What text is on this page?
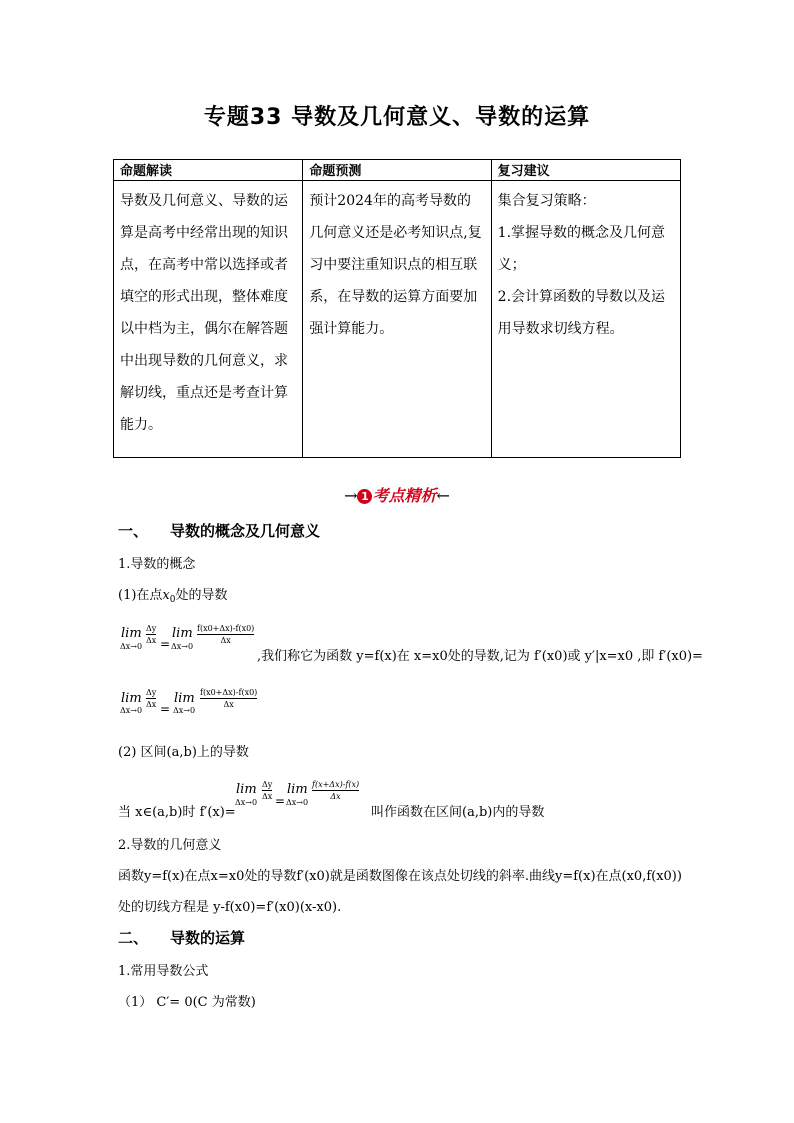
专题33 导数及几何意义、导数的运算
命题解读	命题预测	复习建议
导数及几何意义、导数的运算是高考中经常出现的知识点，在高考中常以选择或者填空的形式出现，整体难度以中档为主，偶尔在解答题中出现导数的几何意义，求解切线，重点还是考查计算能力。	预计2024年的高考导数的几何意义还是必考知识点,复习中要注重知识点的相互联系，在导数的运算方面要加强计算能力。	集合复习策略：
1.掌握导数的概念及几何意义；
2.会计算函数的导数以及运用导数求切线方程。
→ 1 考点精析←
一、 导数的概念及几何意义
1.导数的概念
(1)在点$x_0$处的导数
lim
Δx→0
Δy
Δx =
lim
Δx→0
f(x0+Δx)-f(x0)
Δx
,我们称它为函数 y=f(x)在 x=x0处的导数,记为 f′(x0)或 y′|x=x0 ,即 f′(x0)=
lim
Δx→0
Δy
Δx =
lim
Δx→0
f(x0+Δx)-f(x0)
Δx
(2) 区间(a,b)上的导数
当 x∈(a,b)时 f′(x)=
lim
Δx→0
Δy
Δx =
lim
Δx→0
f(x+Δx)-f(x)
Δx
叫作函数在区间(a,b)内的导数
2.导数的几何意义
函数y=f(x)在点x=x0处的导数f′(x0)就是函数图像在该点处切线的斜率.曲线y=f(x)在点(x0,f(x0))
处的切线方程是 y-f(x0)=f′(x0)(x-x0).
二、 导数的运算
1.常用导数公式
（1） C′= 0(C 为常数)
